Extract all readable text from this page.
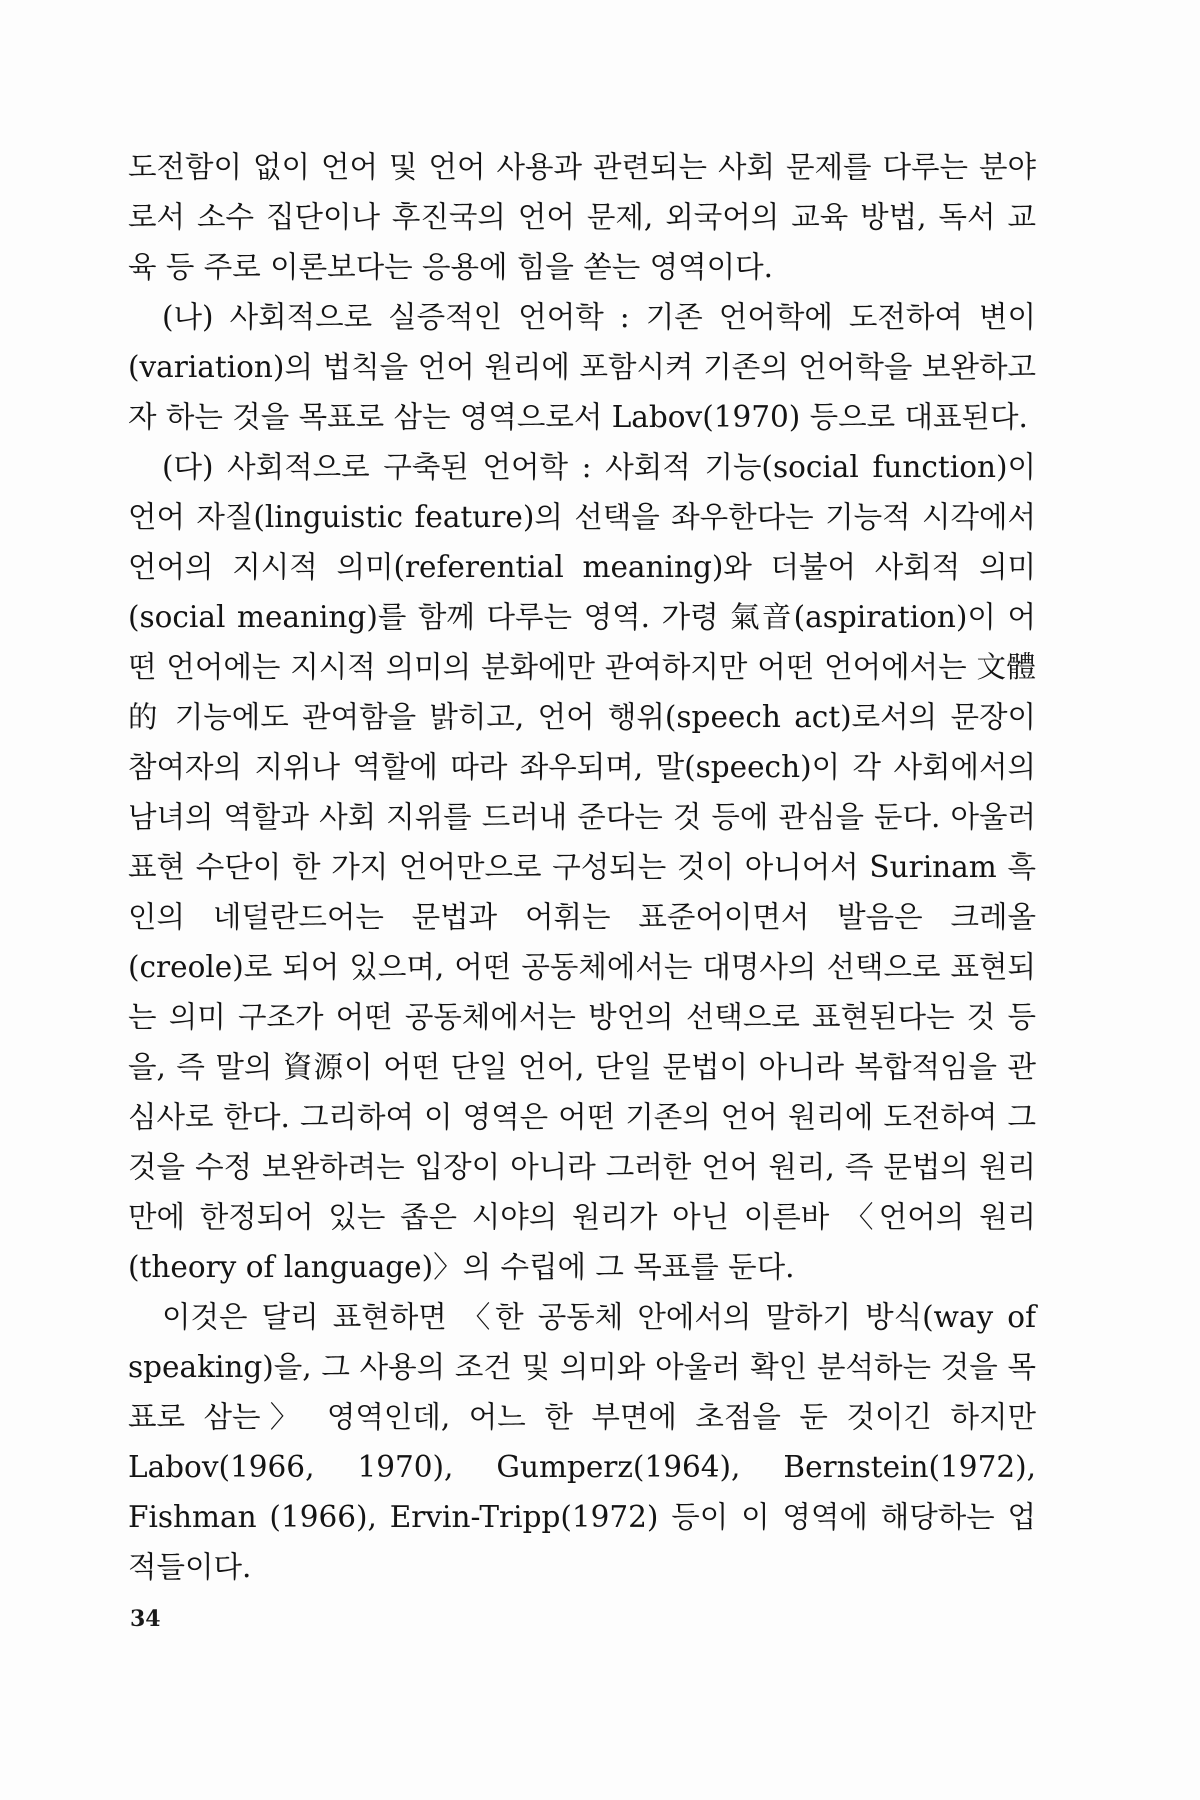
도전함이 없이 언어 및 언어 사용과 관련되는 사회 문제를 다루는 분야로서 소수 집단이나 후진국의 언어 문제, 외국어의 교육 방법, 독서 교육 등 주로 이론보다는 응용에 힘을 쏟는 영역이다.

(나) 사회적으로 실증적인 언어학 : 기존 언어학에 도전하여 변이(variation)의 법칙을 언어 원리에 포함시켜 기존의 언어학을 보완하고자 하는 것을 목표로 삼는 영역으로서 Labov(1970) 등으로 대표된다.

(다) 사회적으로 구축된 언어학 : 사회적 기능(social function)이 언어 자질(linguistic feature)의 선택을 좌우한다는 기능적 시각에서 언어의 지시적 의미(referential meaning)와 더불어 사회적 의미(social meaning)를 함께 다루는 영역. 가령 氣音(aspiration)이 어떤 언어에는 지시적 의미의 분화에만 관여하지만 어떤 언어에서는 文體的 기능에도 관여함을 밝히고, 언어 행위(speech act)로서의 문장이 참여자의 지위나 역할에 따라 좌우되며, 말(speech)이 각 사회에서의 남녀의 역할과 사회 지위를 드러내 준다는 것 등에 관심을 둔다. 아울러 표현 수단이 한 가지 언어만으로 구성되는 것이 아니어서 Surinam 흑인의 네덜란드어는 문법과 어휘는 표준어이면서 발음은 크레올(creole)로 되어 있으며, 어떤 공동체에서는 대명사의 선택으로 표현되는 의미 구조가 어떤 공동체에서는 방언의 선택으로 표현된다는 것 등을, 즉 말의 資源이 어떤 단일 언어, 단일 문법이 아니라 복합적임을 관심사로 한다. 그리하여 이 영역은 어떤 기존의 언어 원리에 도전하여 그것을 수정 보완하려는 입장이 아니라 그러한 언어 원리, 즉 문법의 원리만에 한정되어 있는 좁은 시야의 원리가 아닌 이른바 〈언어의 원리(theory of language)〉의 수립에 그 목표를 둔다.

이것은 달리 표현하면 〈한 공동체 안에서의 말하기 방식(way of speaking)을, 그 사용의 조건 및 의미와 아울러 확인 분석하는 것을 목표로 삼는〉 영역인데, 어느 한 부면에 초점을 둔 것이긴 하지만 Labov(1966, 1970), Gumperz(1964), Bernstein(1972), Fishman (1966), Ervin-Tripp(1972) 등이 이 영역에 해당하는 업적들이다.

34
